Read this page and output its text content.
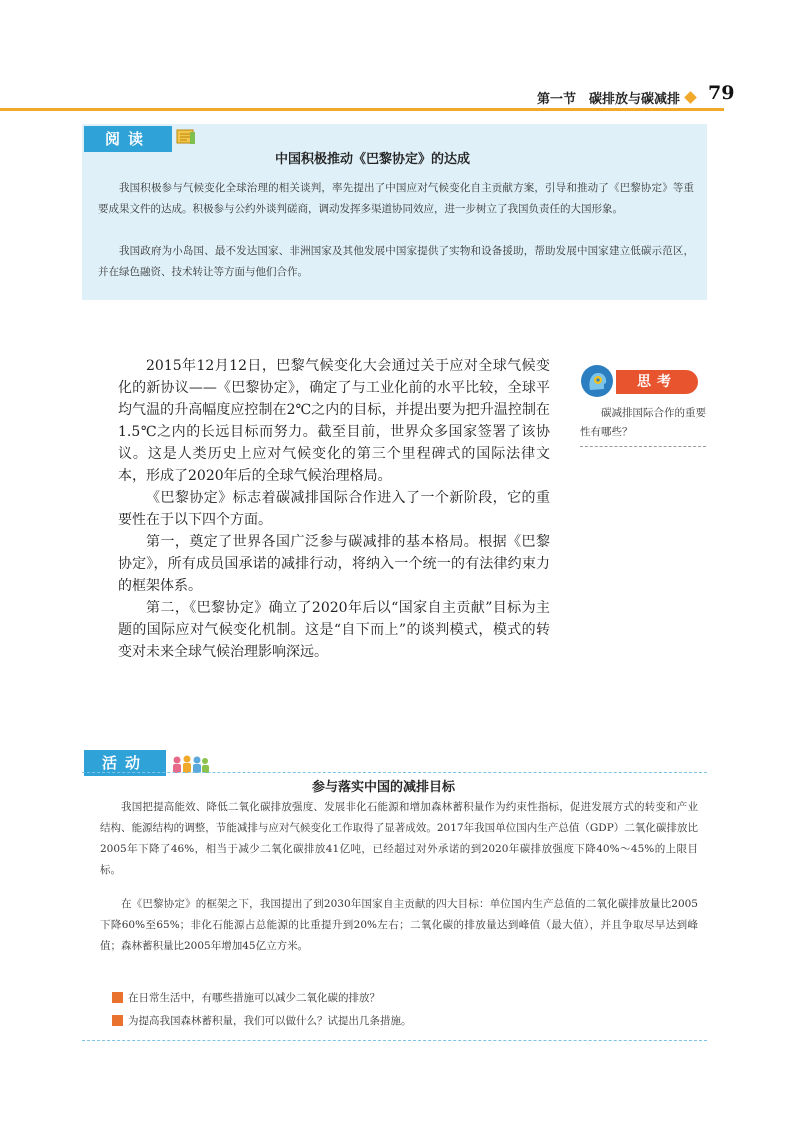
第一节　碳排放与碳减排 79
阅读
中国积极推动《巴黎协定》的达成

我国积极参与气候变化全球治理的相关谈判，率先提出了中国应对气候变化自主贡献方案，引导和推动了《巴黎协定》等重要成果文件的达成。积极参与公约外谈判磋商，调动发挥多渠道协同效应，进一步树立了我国负责任的大国形象。

我国政府为小岛国、最不发达国家、非洲国家及其他发展中国家提供了实物和设备援助，帮助发展中国家建立低碳示范区，并在绿色融资、技术转让等方面与他们合作。

思考
碳减排国际合作的重要性有哪些？

2015年12月12日，巴黎气候变化大会通过关于应对全球气候变化的新协议——《巴黎协定》，确定了与工业化前的水平比较，全球平均气温的升高幅度应控制在2℃之内的目标，并提出要为把升温控制在1.5℃之内的长远目标而努力。截至目前，世界众多国家签署了该协议。这是人类历史上应对气候变化的第三个里程碑式的国际法律文本，形成了2020年后的全球气候治理格局。

《巴黎协定》标志着碳减排国际合作进入了一个新阶段，它的重要性在于以下四个方面。

第一，奠定了世界各国广泛参与碳减排的基本格局。根据《巴黎协定》，所有成员国承诺的减排行动，将纳入一个统一的有法律约束力的框架体系。

第二，《巴黎协定》确立了2020年后以“国家自主贡献”目标为主题的国际应对气候变化机制。这是“自下而上”的谈判模式，模式的转变对未来全球气候治理影响深远。

活动
参与落实中国的减排目标

我国把提高能效、降低二氧化碳排放强度、发展非化石能源和增加森林蓄积量作为约束性指标，促进发展方式的转变和产业结构、能源结构的调整，节能减排与应对气候变化工作取得了显著成效。2017年我国单位国内生产总值（GDP）二氧化碳排放比2005年下降了46%，相当于减少二氧化碳排放41亿吨，已经超过对外承诺的到2020年碳排放强度下降40%～45%的上限目标。

在《巴黎协定》的框架之下，我国提出了到2030年国家自主贡献的四大目标：单位国内生产总值的二氧化碳排放量比2005下降60%至65%；非化石能源占总能源的比重提升到20%左右；二氧化碳的排放量达到峰值（最大值），并且争取尽早达到峰值；森林蓄积量比2005年增加45亿立方米。

在日常生活中，有哪些措施可以减少二氧化碳的排放？
为提高我国森林蓄积量，我们可以做什么？试提出几条措施。
